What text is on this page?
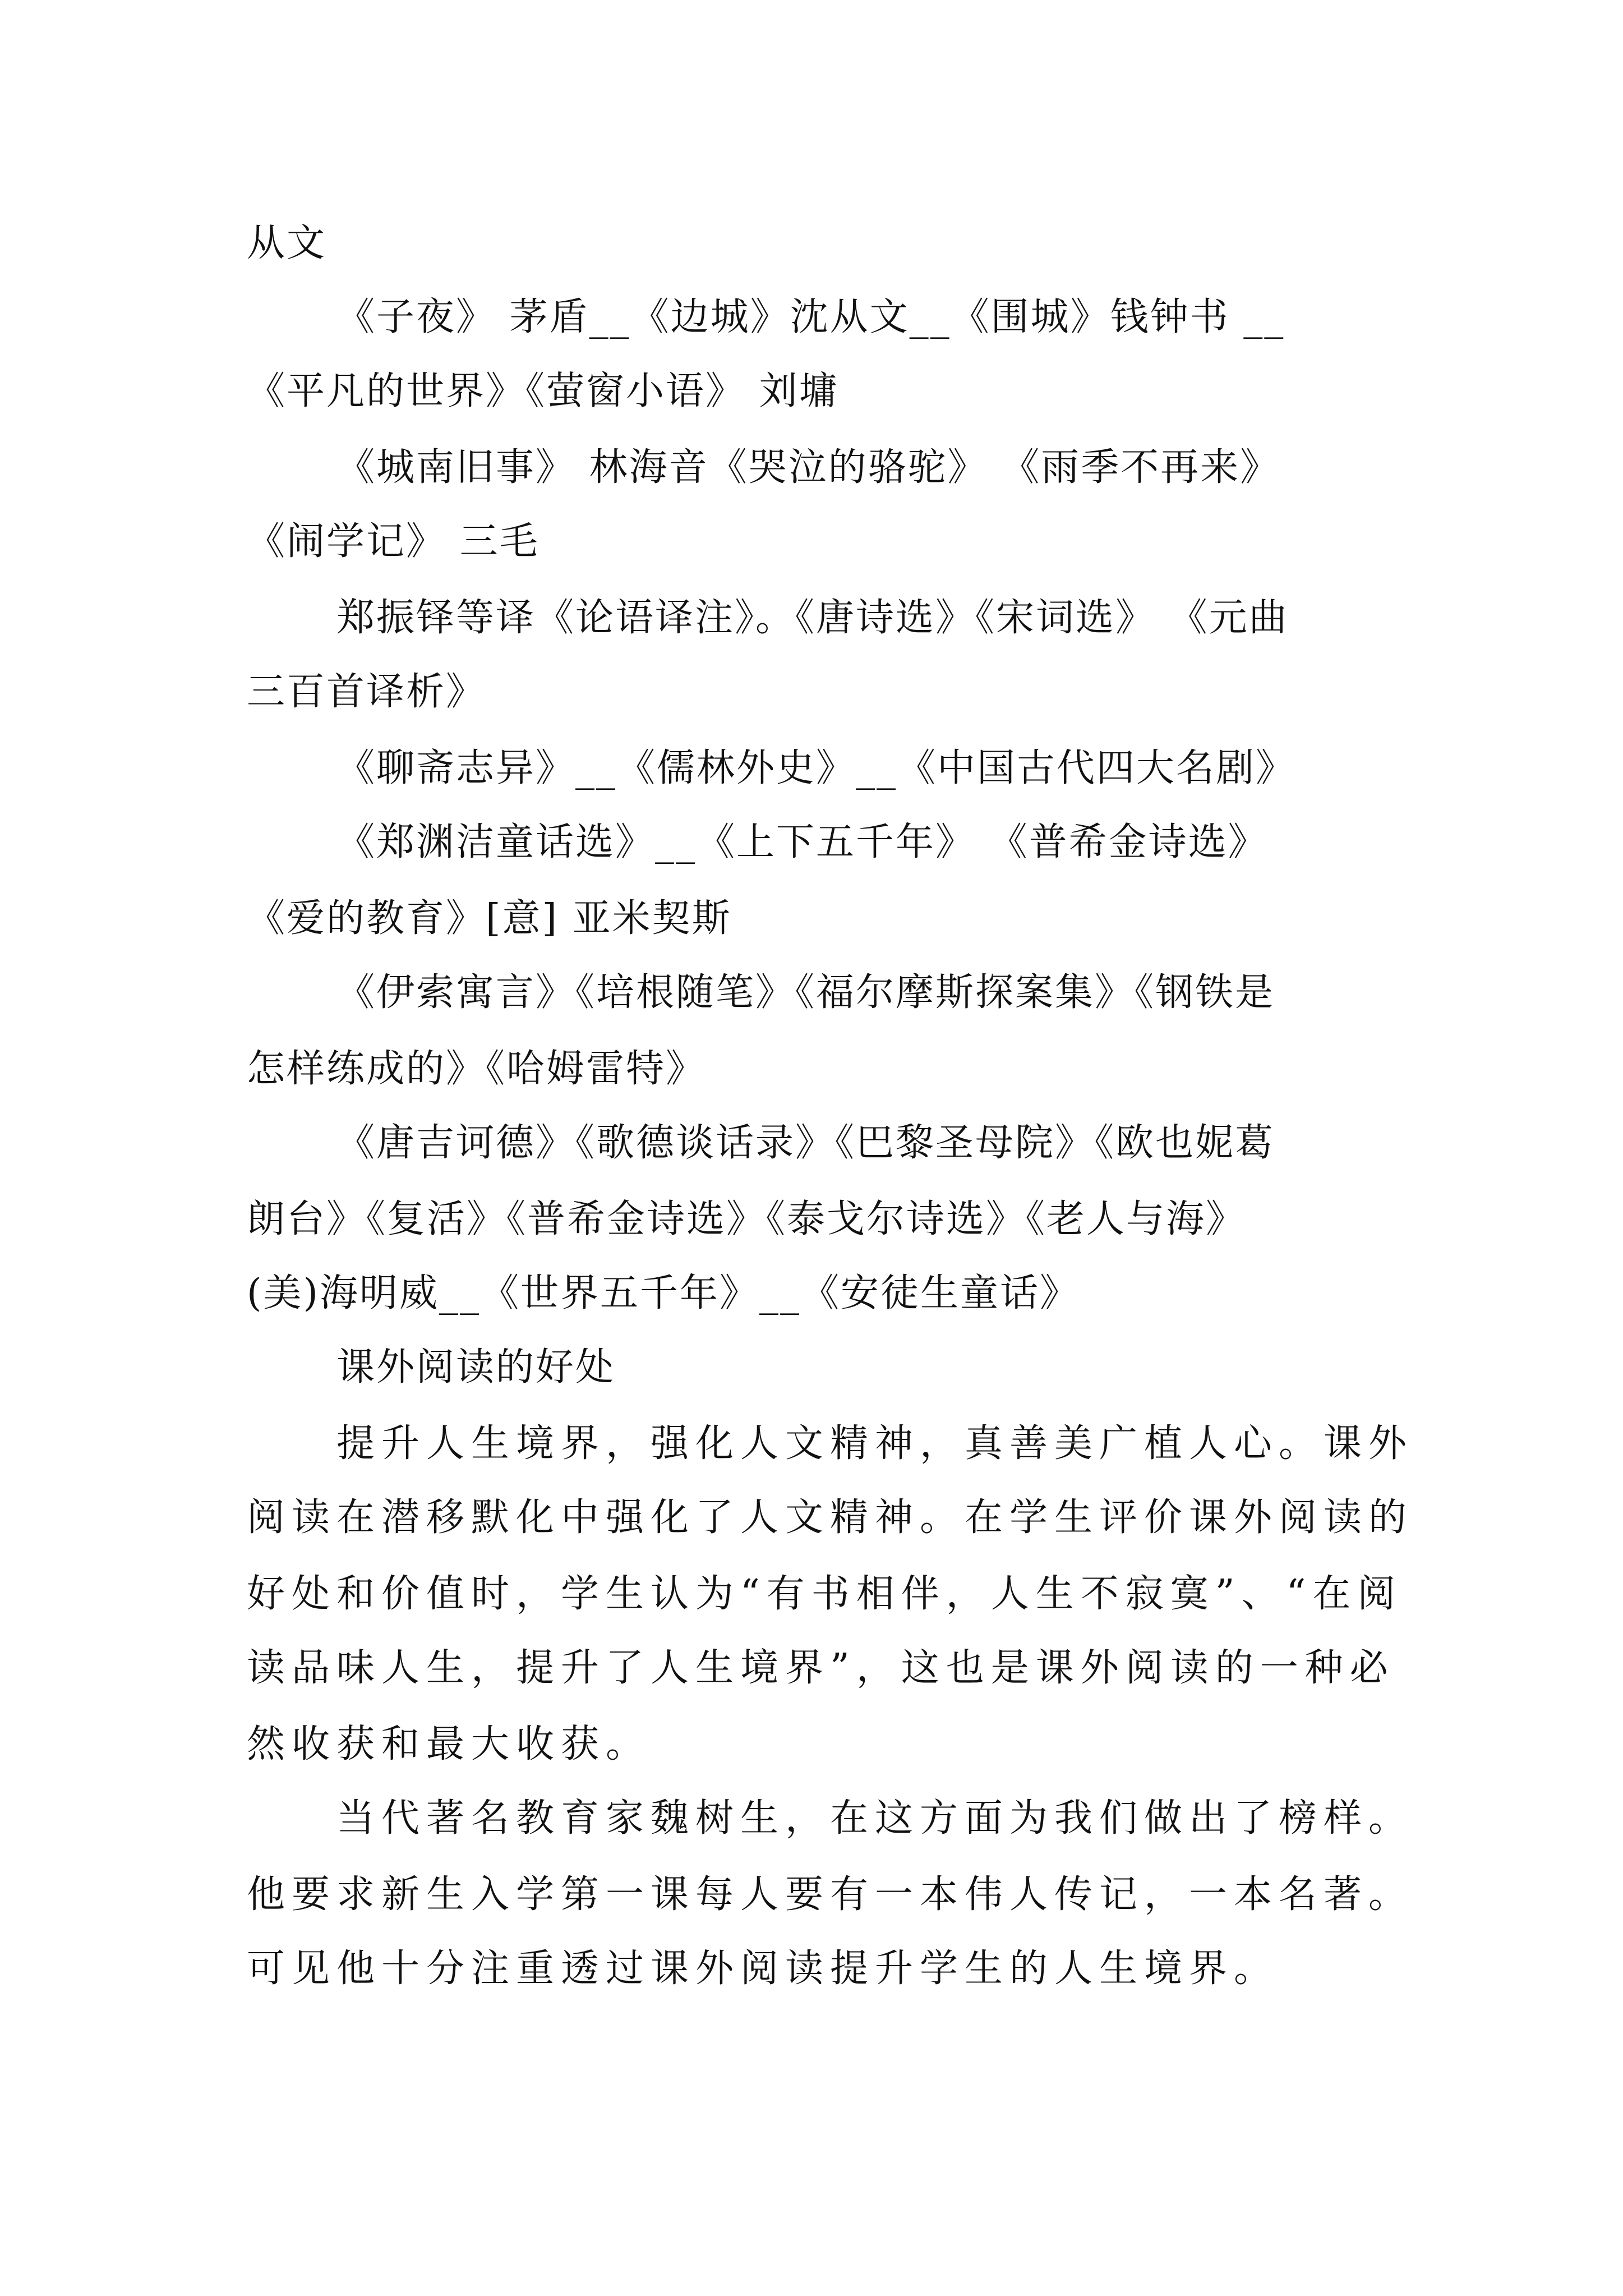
从文
《子夜》 茅盾__《边城》沈从文__《围城》钱钟书 __
《平凡的世界》《萤窗小语》 刘墉
《城南旧事》 林海音《哭泣的骆驼》 《雨季不再来》
《闹学记》 三毛
郑振铎等译《论语译注》。《唐诗选》《宋词选》 《元曲
三百首译析》
《聊斋志异》__《儒林外史》__《中国古代四大名剧》
《郑渊洁童话选》__《上下五千年》 《普希金诗选》
《爱的教育》[意] 亚米契斯
《伊索寓言》《培根随笔》《福尔摩斯探案集》《钢铁是
怎样练成的》《哈姆雷特》
《唐吉诃德》《歌德谈话录》《巴黎圣母院》《欧也妮葛
朗台》《复活》《普希金诗选》《泰戈尔诗选》《老人与海》
(美)海明威__《世界五千年》__《安徒生童话》
课外阅读的好处
提升人生境界，强化人文精神，真善美广植人心。课外
阅读在潜移默化中强化了人文精神。在学生评价课外阅读的
好处和价值时，学生认为“有书相伴，人生不寂寞”、“在阅
读品味人生，提升了人生境界”，这也是课外阅读的一种必
然收获和最大收获。
当代著名教育家魏树生，在这方面为我们做出了榜样。
他要求新生入学第一课每人要有一本伟人传记，一本名著。
可见他十分注重透过课外阅读提升学生的人生境界。
